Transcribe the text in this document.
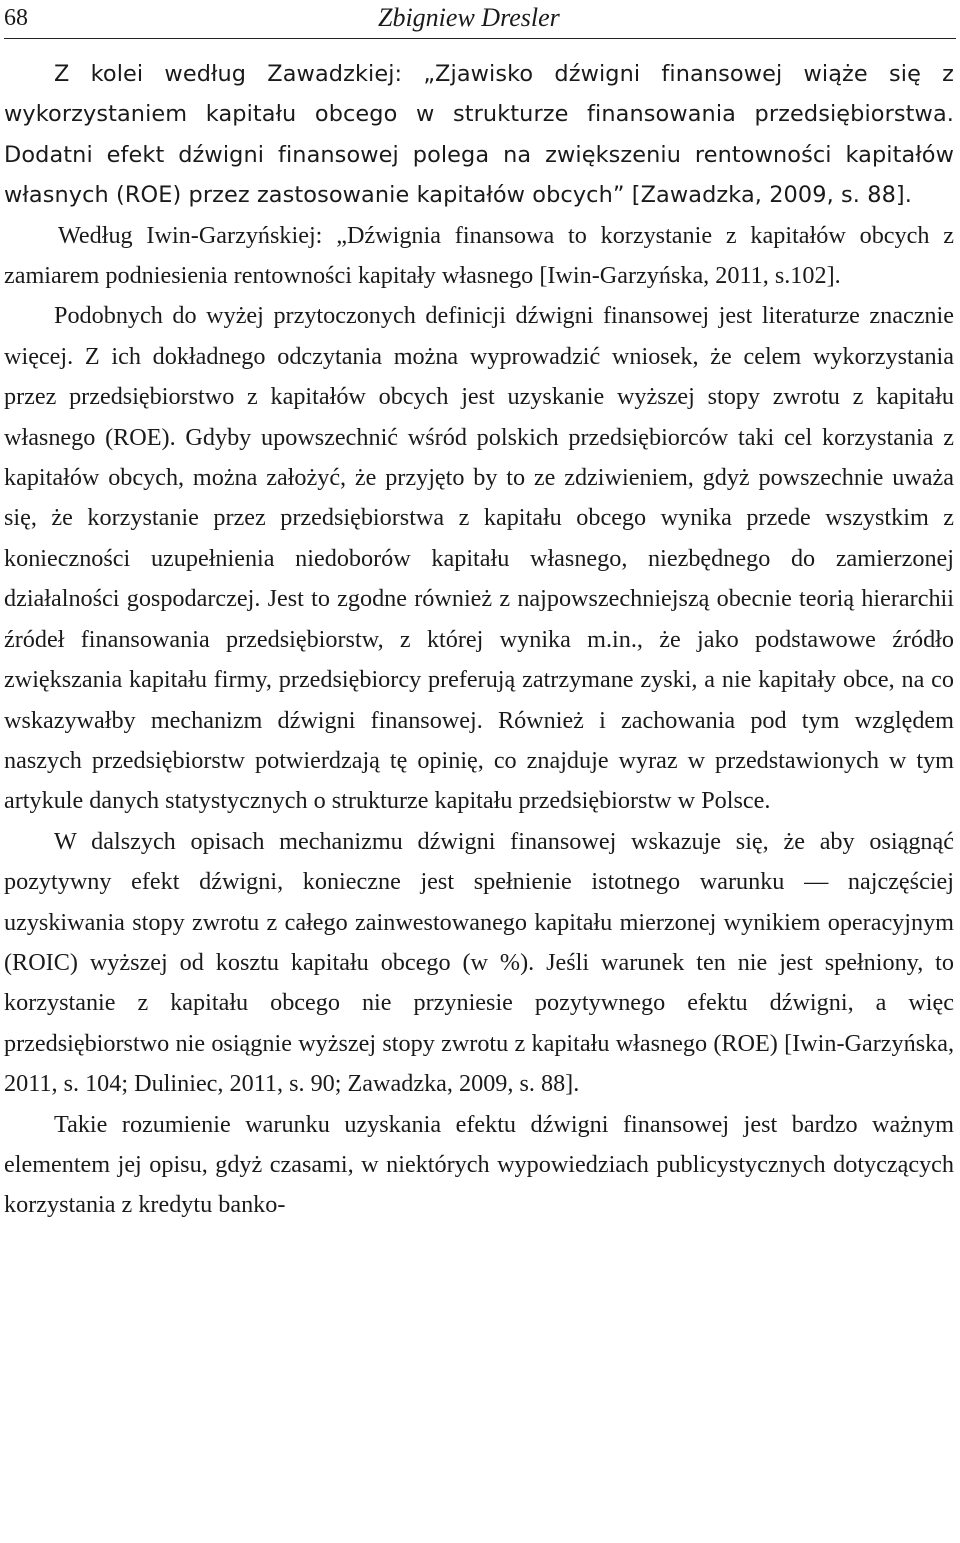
68	Zbigniew Dresler

Z kolei według Zawadzkiej: „Zjawisko dźwigni finansowej wiąże się z wykorzystaniem kapitału obcego w strukturze finansowania przedsiębiorstwa. Dodatni efekt dźwigni finansowej polega na zwiększeniu rentowności kapitałów własnych (ROE) przez zastosowanie kapitałów obcych” [Zawadzka, 2009, s. 88].

Według Iwin-Garzyńskiej: „Dźwignia finansowa to korzystanie z kapitałów obcych z zamiarem podniesienia rentowności kapitały własnego [Iwin-Garzyńska, 2011, s.102].

Podobnych do wyżej przytoczonych definicji dźwigni finansowej jest literaturze znacznie więcej. Z ich dokładnego odczytania można wyprowadzić wniosek, że celem wykorzystania przez przedsiębiorstwo z kapitałów obcych jest uzyskanie wyższej stopy zwrotu z kapitału własnego (ROE). Gdyby upowszechnić wśród polskich przedsiębiorców taki cel korzystania z kapitałów obcych, można założyć, że przyjęto by to ze zdziwieniem, gdyż powszechnie uważa się, że korzystanie przez przedsiębiorstwa z kapitału obcego wynika przede wszystkim z konieczności uzupełnienia niedoborów kapitału własnego, niezbędnego do zamierzonej działalności gospodarczej. Jest to zgodne również z najpowszechniejszą obecnie teorią hierarchii źródeł finansowania przedsiębiorstw, z której wynika m.in., że jako podstawowe źródło zwiększania kapitału firmy, przedsiębiorcy preferują zatrzymane zyski, a nie kapitały obce, na co wskazywałby mechanizm dźwigni finansowej. Również i zachowania pod tym względem naszych przedsiębiorstw potwierdzają tę opinię, co znajduje wyraz w przedstawionych w tym artykule danych statystycznych o strukturze kapitału przedsiębiorstw w Polsce.

W dalszych opisach mechanizmu dźwigni finansowej wskazuje się, że aby osiągnąć pozytywny efekt dźwigni, konieczne jest spełnienie istotnego warunku — najczęściej uzyskiwania stopy zwrotu z całego zainwestowanego kapitału mierzonej wynikiem operacyjnym (ROIC) wyższej od kosztu kapitału obcego (w %). Jeśli warunek ten nie jest spełniony, to korzystanie z kapitału obcego nie przyniesie pozytywnego efektu dźwigni, a więc przedsiębiorstwo nie osiągnie wyższej stopy zwrotu z kapitału własnego (ROE) [Iwin-Garzyńska, 2011, s. 104; Duliniec, 2011, s. 90; Zawadzka, 2009, s. 88].

Takie rozumienie warunku uzyskania efektu dźwigni finansowej jest bardzo ważnym elementem jej opisu, gdyż czasami, w niektórych wypowiedziach publicystycznych dotyczących korzystania z kredytu banko-
